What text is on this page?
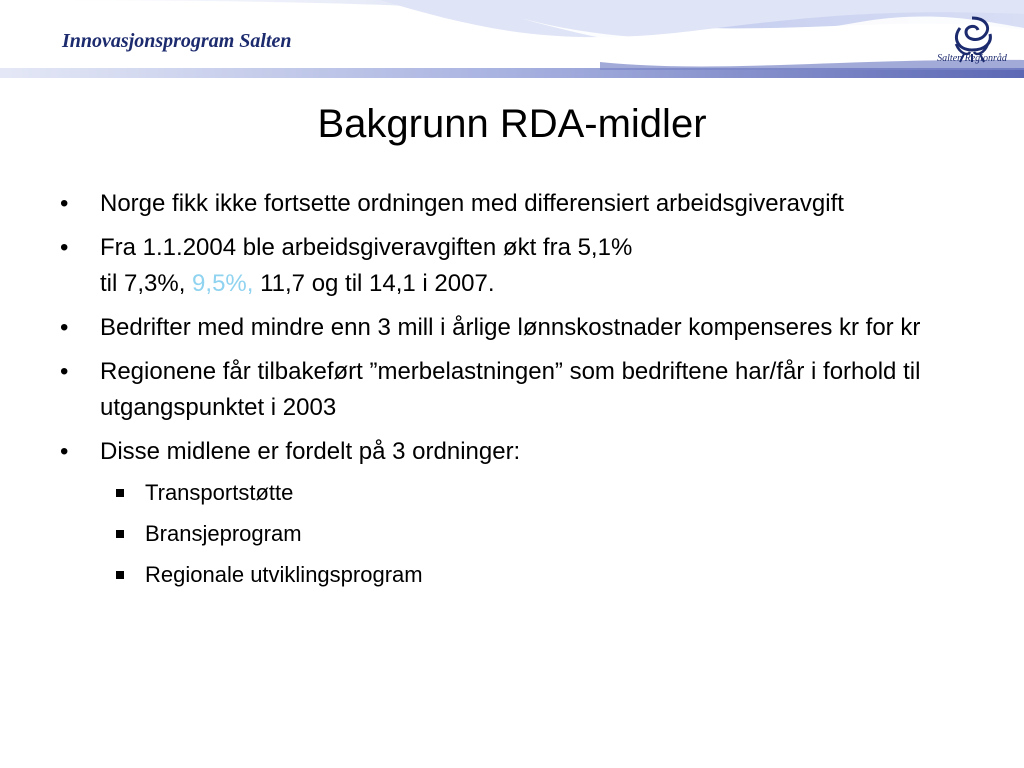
Innovasjonsprogram Salten
Salten Regionråd
Bakgrunn RDA-midler
• Norge fikk ikke fortsette ordningen med differensiert arbeidsgiveravgift
• Fra 1.1.2004 ble arbeidsgiveravgiften økt fra 5,1%
til 7,3%, 9,5%, 11,7 og til 14,1 i 2007.
• Bedrifter med mindre enn 3 mill i årlige lønnskostnader kompenseres kr for kr
• Regionene får tilbakeført ”merbelastningen” som bedriftene har/får i forhold til utgangspunktet i 2003
• Disse midlene er fordelt på 3 ordninger:
Transportstøtte
Bransjeprogram
Regionale utviklingsprogram
